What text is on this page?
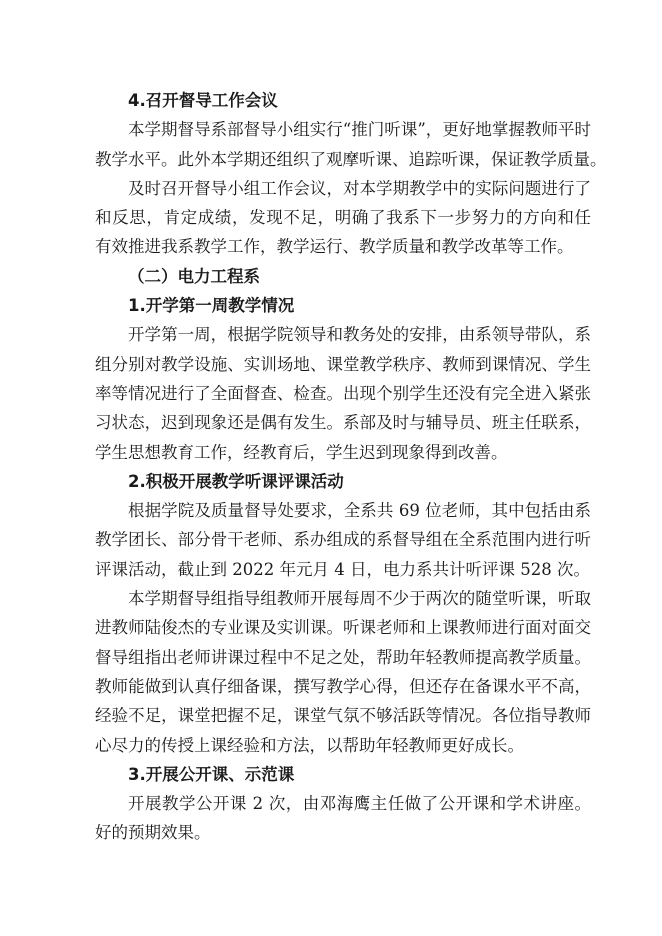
4.召开督导工作会议
本学期督导系部督导小组实行“推门听课”，更好地掌握教师平时
教学水平。此外本学期还组织了观摩听课、追踪听课，保证教学质量。
及时召开督导小组工作会议，对本学期教学中的实际问题进行了
和反思，肯定成绩，发现不足，明确了我系下一步努力的方向和任
有效推进我系教学工作，教学运行、教学质量和教学改革等工作。
（二）电力工程系
1.开学第一周教学情况
开学第一周，根据学院领导和教务处的安排，由系领导带队，系
组分别对教学设施、实训场地、课堂教学秩序、教师到课情况、学生
率等情况进行了全面督查、检查。出现个别学生还没有完全进入紧张
习状态，迟到现象还是偶有发生。系部及时与辅导员、班主任联系，
学生思想教育工作，经教育后，学生迟到现象得到改善。
2.积极开展教学听课评课活动
根据学院及质量督导处要求，全系共 69 位老师，其中包括由系
教学团长、部分骨干老师、系办组成的系督导组在全系范围内进行听
评课活动，截止到 2022 年元月 4 日，电力系共计听评课 528 次。
本学期督导组指导组教师开展每周不少于两次的随堂听课，听取
进教师陆俊杰的专业课及实训课。听课老师和上课教师进行面对面交
督导组指出老师讲课过程中不足之处，帮助年轻教师提高教学质量。
教师能做到认真仔细备课，撰写教学心得，但还存在备课水平不高，
经验不足，课堂把握不足，课堂气氛不够活跃等情况。各位指导教师
心尽力的传授上课经验和方法，以帮助年轻教师更好成长。
3.开展公开课、示范课
开展教学公开课 2 次，由邓海鹰主任做了公开课和学术讲座。
好的预期效果。
